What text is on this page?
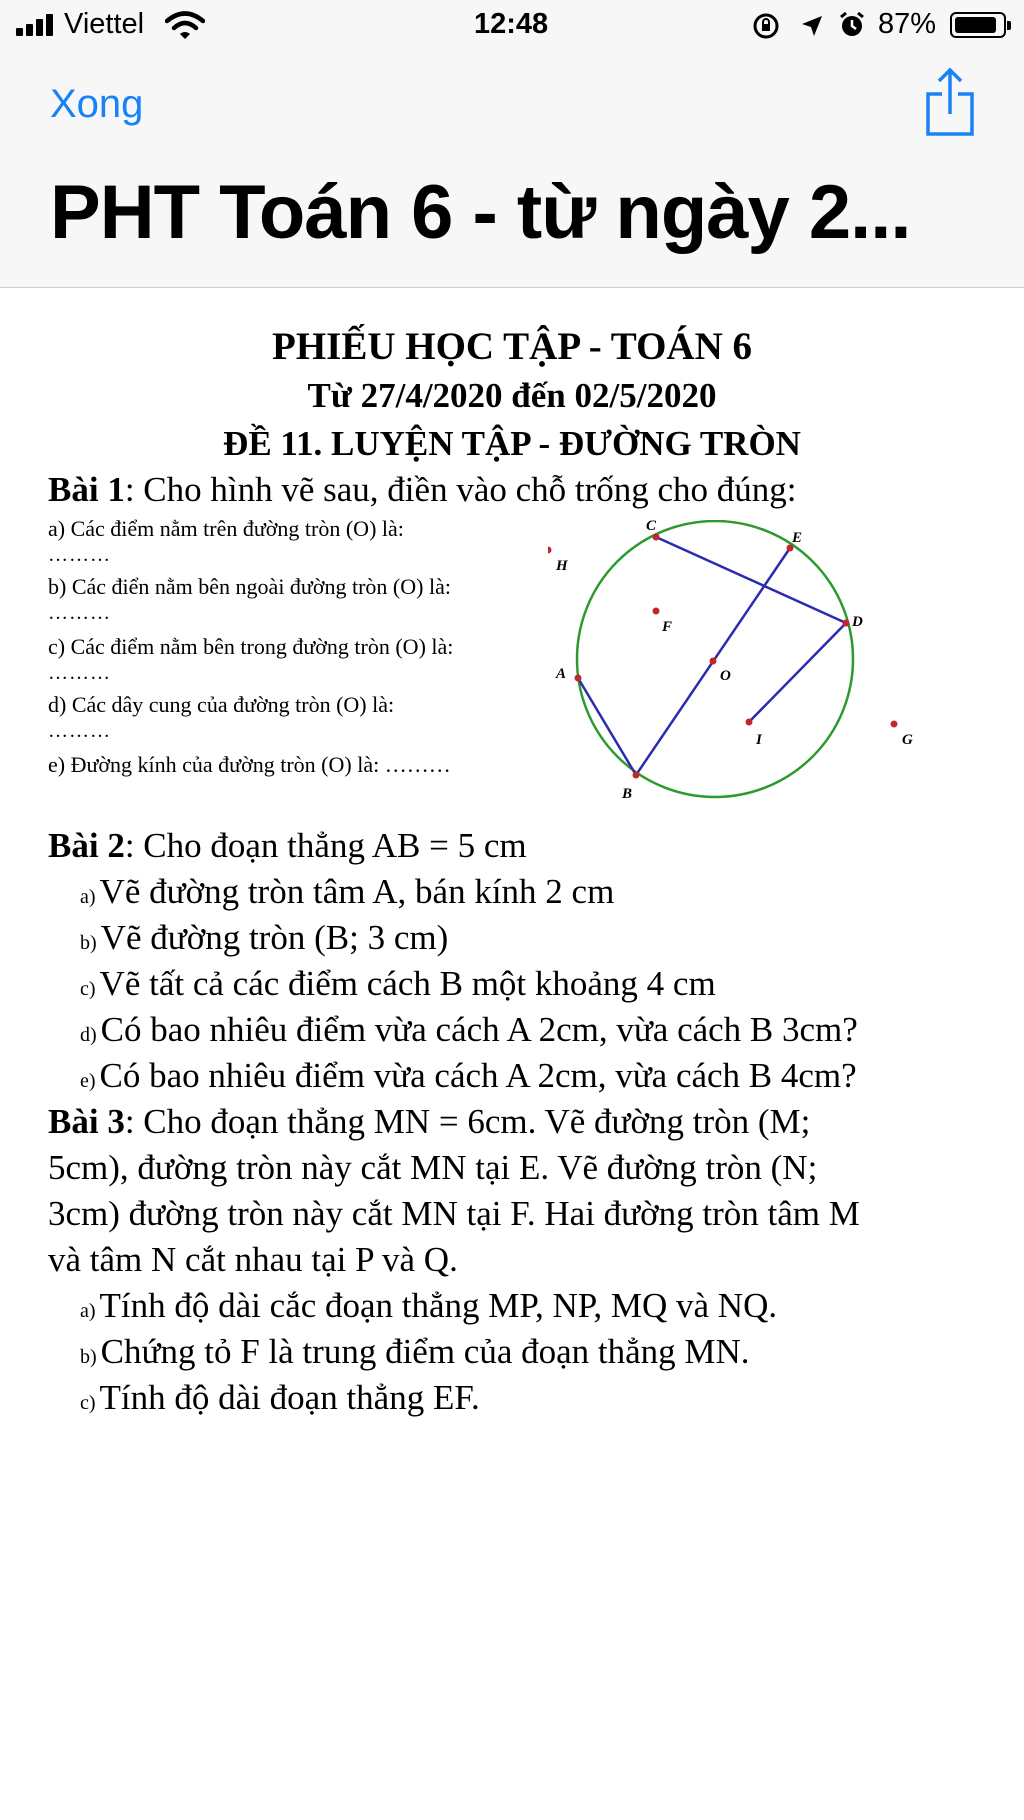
Viettel	12:48	87%
Xong
PHT Toán 6 - từ ngày 2...
PHIẾU HỌC TẬP - TOÁN 6
Từ 27/4/2020 đến 02/5/2020
ĐỀ 11. LUYỆN TẬP - ĐƯỜNG TRÒN
Bài 1: Cho hình vẽ sau, điền vào chỗ trống cho đúng:
a) Các điểm nằm trên đường tròn (O) là:
………
b) Các điển nằm bên ngoài đường tròn (O) là:
………
c) Các điểm nằm bên trong đường tròn (O) là:
………
d) Các dây cung của đường tròn (O) là:
………
e) Đường kính của đường tròn (O) là: ………
C
E
H
F	D
O
A
I	G
B
Bài 2: Cho đoạn thẳng AB = 5 cm
a) Vẽ đường tròn tâm A, bán kính 2 cm
b) Vẽ đường tròn (B; 3 cm)
c) Vẽ tất cả các điểm cách B một khoảng 4 cm
d) Có bao nhiêu điểm vừa cách A 2cm, vừa cách B 3cm?
e) Có bao nhiêu điểm vừa cách A 2cm, vừa cách B 4cm?
Bài 3: Cho đoạn thẳng MN = 6cm. Vẽ đường tròn (M;
5cm), đường tròn này cắt MN tại E. Vẽ đường tròn (N;
3cm) đường tròn này cắt MN tại F. Hai đường tròn tâm M
và tâm N cắt nhau tại P và Q.
a) Tính độ dài cắc đoạn thẳng MP, NP, MQ và NQ.
b) Chứng tỏ F là trung điểm của đoạn thẳng MN.
c) Tính độ dài đoạn thẳng EF.
